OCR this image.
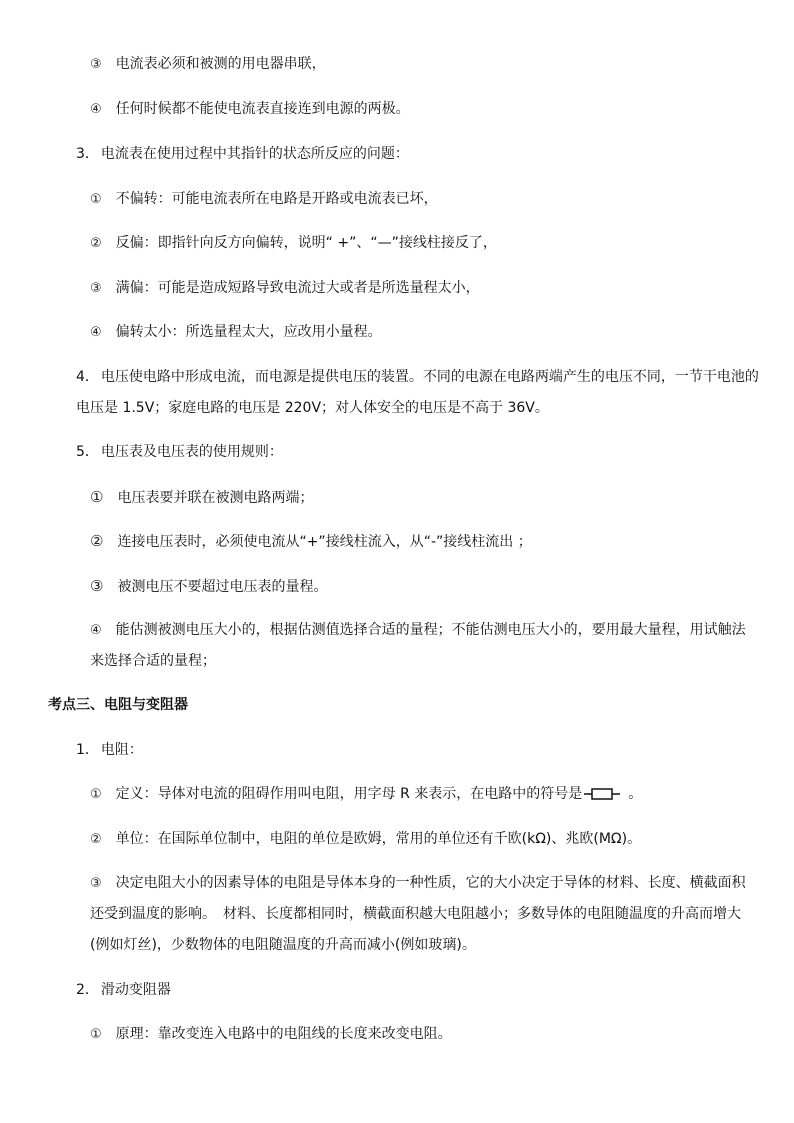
③ 电流表必须和被测的用电器串联，
④ 任何时候都不能使电流表直接连到电源的两极。
3． 电流表在使用过程中其指针的状态所反应的问题：
① 不偏转：可能电流表所在电路是开路或电流表已坏，
② 反偏：即指针向反方向偏转，说明“ +”、“—”接线柱接反了，
③ 满偏：可能是造成短路导致电流过大或者是所选量程太小，
④ 偏转太小：所选量程太大，应改用小量程。
4． 电压使电路中形成电流，而电源是提供电压的装置。不同的电源在电路两端产生的电压不同，一节干电池的
电压是 1.5V；家庭电路的电压是 220V；对人体安全的电压是不高于 36V。
5． 电压表及电压表的使用规则：
① 电压表要并联在被测电路两端；
② 连接电压表时，必须使电流从“+”接线柱流入，从“-”接线柱流出 ；
③ 被测电压不要超过电压表的量程。
④ 能估测被测电压大小的，根据估测值选择合适的量程；不能估测电压大小的，要用最大量程，用试触法
来选择合适的量程；
考点三、电阻与变阻器
1． 电阻：
① 定义：导体对电流的阻碍作用叫电阻，用字母 R 来表示，在电路中的符号是	。
② 单位：在国际单位制中，电阻的单位是欧姆，常用的单位还有千欧(kΩ)、兆欧(MΩ)。
③ 决定电阻大小的因素导体的电阻是导体本身的一种性质，它的大小决定于导体的材料、长度、横截面积
还受到温度的影响。　材料、长度都相同时，横截面积越大电阻越小；多数导体的电阻随温度的升高而增大
(例如灯丝)，少数物体的电阻随温度的升高而减小(例如玻璃)。
2． 滑动变阻器
① 原理：靠改变连入电路中的电阻线的长度来改变电阻。
